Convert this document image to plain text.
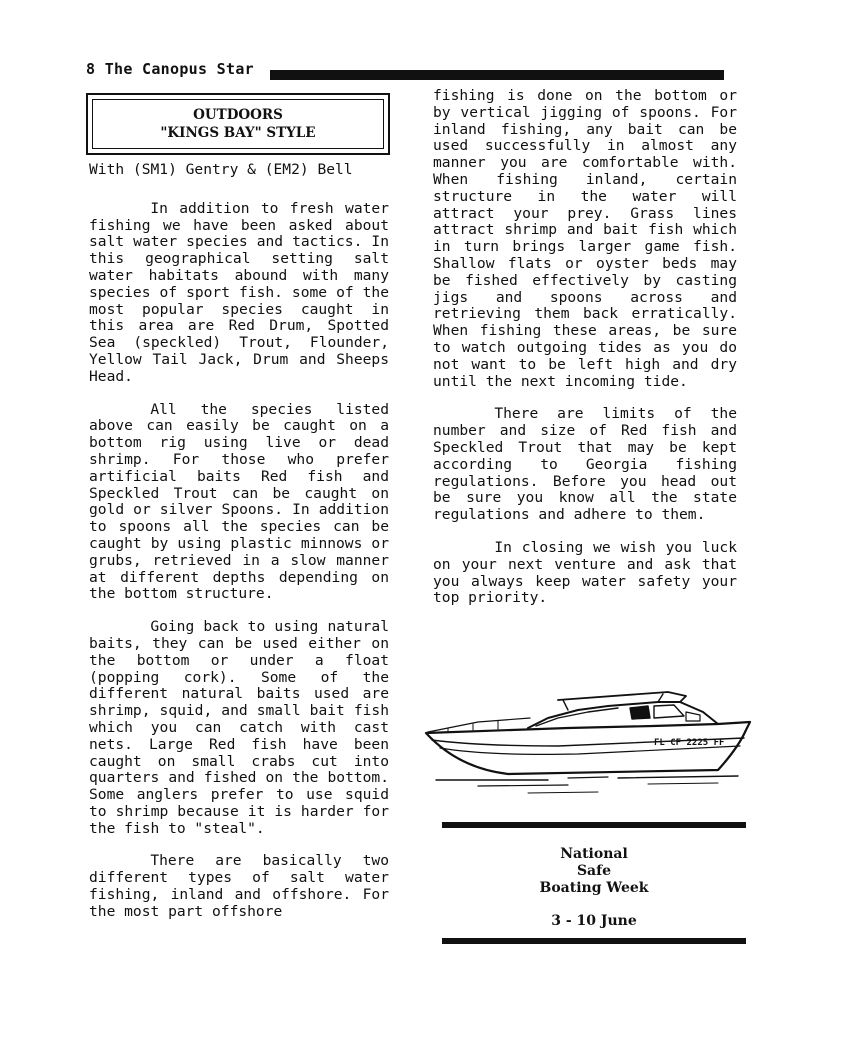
8 The Canopus Star
OUTDOORS
"KINGS BAY" STYLE

With (SM1) Gentry & (EM2) Bell

In addition to fresh water fishing we have been asked about salt water species and tactics. In this geographical setting salt water habitats abound with many species of sport fish. some of the most popular species caught in this area are Red Drum, Spotted Sea (speckled) Trout, Flounder, Yellow Tail Jack, Drum and Sheeps Head.

All the species listed above can easily be caught on a bottom rig using live or dead shrimp. For those who prefer artificial baits Red fish and Speckled Trout can be caught on gold or silver Spoons. In addition to spoons all the species can be caught by using plastic minnows or grubs, retrieved in a slow manner at different depths depending on the bottom structure.

Going back to using natural baits, they can be used either on the bottom or under a float (popping cork). Some of the different natural baits used are shrimp, squid, and small bait fish which you can catch with cast nets. Large Red fish have been caught on small crabs cut into quarters and fished on the bottom. Some anglers prefer to use squid to shrimp because it is harder for the fish to "steal".

There are basically two different types of salt water fishing, inland and offshore. For the most part offshore

fishing is done on the bottom or by vertical jigging of spoons. For inland fishing, any bait can be used successfully in almost any manner you are comfortable with. When fishing inland, certain structure in the water will attract your prey. Grass lines attract shrimp and bait fish which in turn brings larger game fish. Shallow flats or oyster beds may be fished effectively by casting jigs and spoons across and retrieving them back erratically. When fishing these areas, be sure to watch outgoing tides as you do not want to be left high and dry until the next incoming tide.

There are limits of the number and size of Red fish and Speckled Trout that may be kept according to Georgia fishing regulations. Before you head out be sure you know all the state regulations and adhere to them.

In closing we wish you luck on your next venture and ask that you always keep water safety your top priority.

FL CF 2225 FF
National
Safe
Boating Week
3 - 10 June
